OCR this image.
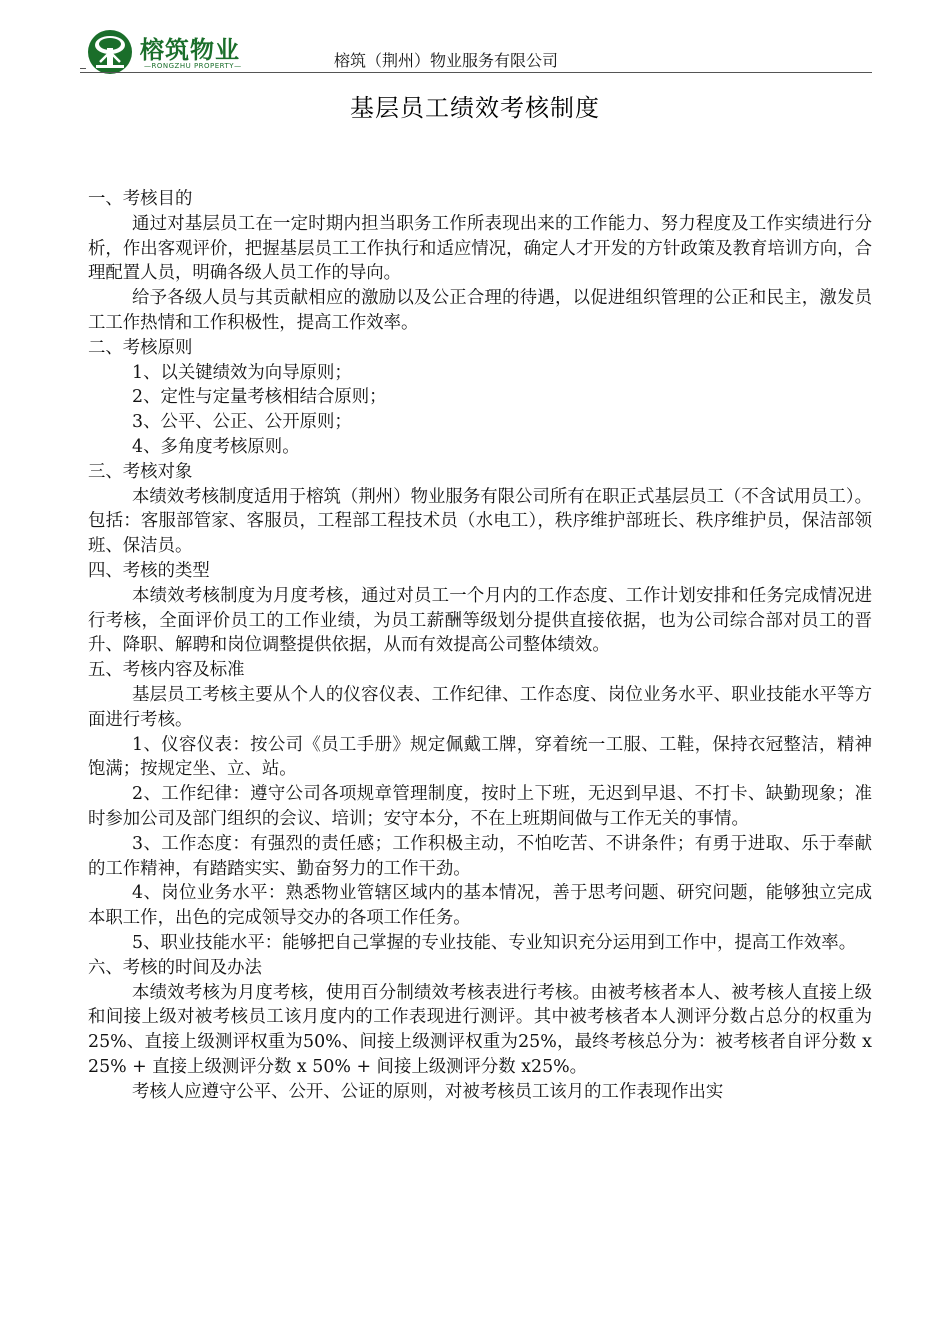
榕筑物业
—RONGZHU PROPERTY—	榕筑（荆州）物业服务有限公司
基层员工绩效考核制度

一、考核目的

通过对基层员工在一定时期内担当职务工作所表现出来的工作能力、努力程度及工作实绩进行分析，作出客观评价，把握基层员工工作执行和适应情况，确定人才开发的方针政策及教育培训方向，合理配置人员，明确各级人员工作的导向。

给予各级人员与其贡献相应的激励以及公正合理的待遇，以促进组织管理的公正和民主，激发员工工作热情和工作积极性，提高工作效率。

二、考核原则

1、以关键绩效为向导原则；

2、定性与定量考核相结合原则；

3、公平、公正、公开原则；

4、多角度考核原则。

三、考核对象

本绩效考核制度适用于榕筑（荆州）物业服务有限公司所有在职正式基层员工（不含试用员工）。包括：客服部管家、客服员，工程部工程技术员（水电工），秩序维护部班长、秩序维护员，保洁部领班、保洁员。

四、考核的类型

本绩效考核制度为月度考核，通过对员工一个月内的工作态度、工作计划安排和任务完成情况进行考核，全面评价员工的工作业绩，为员工薪酬等级划分提供直接依据，也为公司综合部对员工的晋升、降职、解聘和岗位调整提供依据，从而有效提高公司整体绩效。

五、考核内容及标准

基层员工考核主要从个人的仪容仪表、工作纪律、工作态度、岗位业务水平、职业技能水平等方面进行考核。

1、仪容仪表：按公司《员工手册》规定佩戴工牌，穿着统一工服、工鞋，保持衣冠整洁，精神饱满；按规定坐、立、站。

2、工作纪律：遵守公司各项规章管理制度，按时上下班，无迟到早退、不打卡、缺勤现象；准时参加公司及部门组织的会议、培训；安守本分，不在上班期间做与工作无关的事情。

3、工作态度：有强烈的责任感；工作积极主动，不怕吃苦、不讲条件；有勇于进取、乐于奉献的工作精神，有踏踏实实、勤奋努力的工作干劲。

4、岗位业务水平：熟悉物业管辖区域内的基本情况，善于思考问题、研究问题，能够独立完成本职工作，出色的完成领导交办的各项工作任务。

5、职业技能水平：能够把自己掌握的专业技能、专业知识充分运用到工作中，提高工作效率。

六、考核的时间及办法

本绩效考核为月度考核，使用百分制绩效考核表进行考核。由被考核者本人、被考核人直接上级和间接上级对被考核员工该月度内的工作表现进行测评。其中被考核者本人测评分数占总分的权重为25%、直接上级测评权重为50%、间接上级测评权重为25%，最终考核总分为：被考核者自评分数 x 25% + 直接上级测评分数 x 50% + 间接上级测评分数 x25%。

考核人应遵守公平、公开、公证的原则，对被考核员工该月的工作表现作出实
